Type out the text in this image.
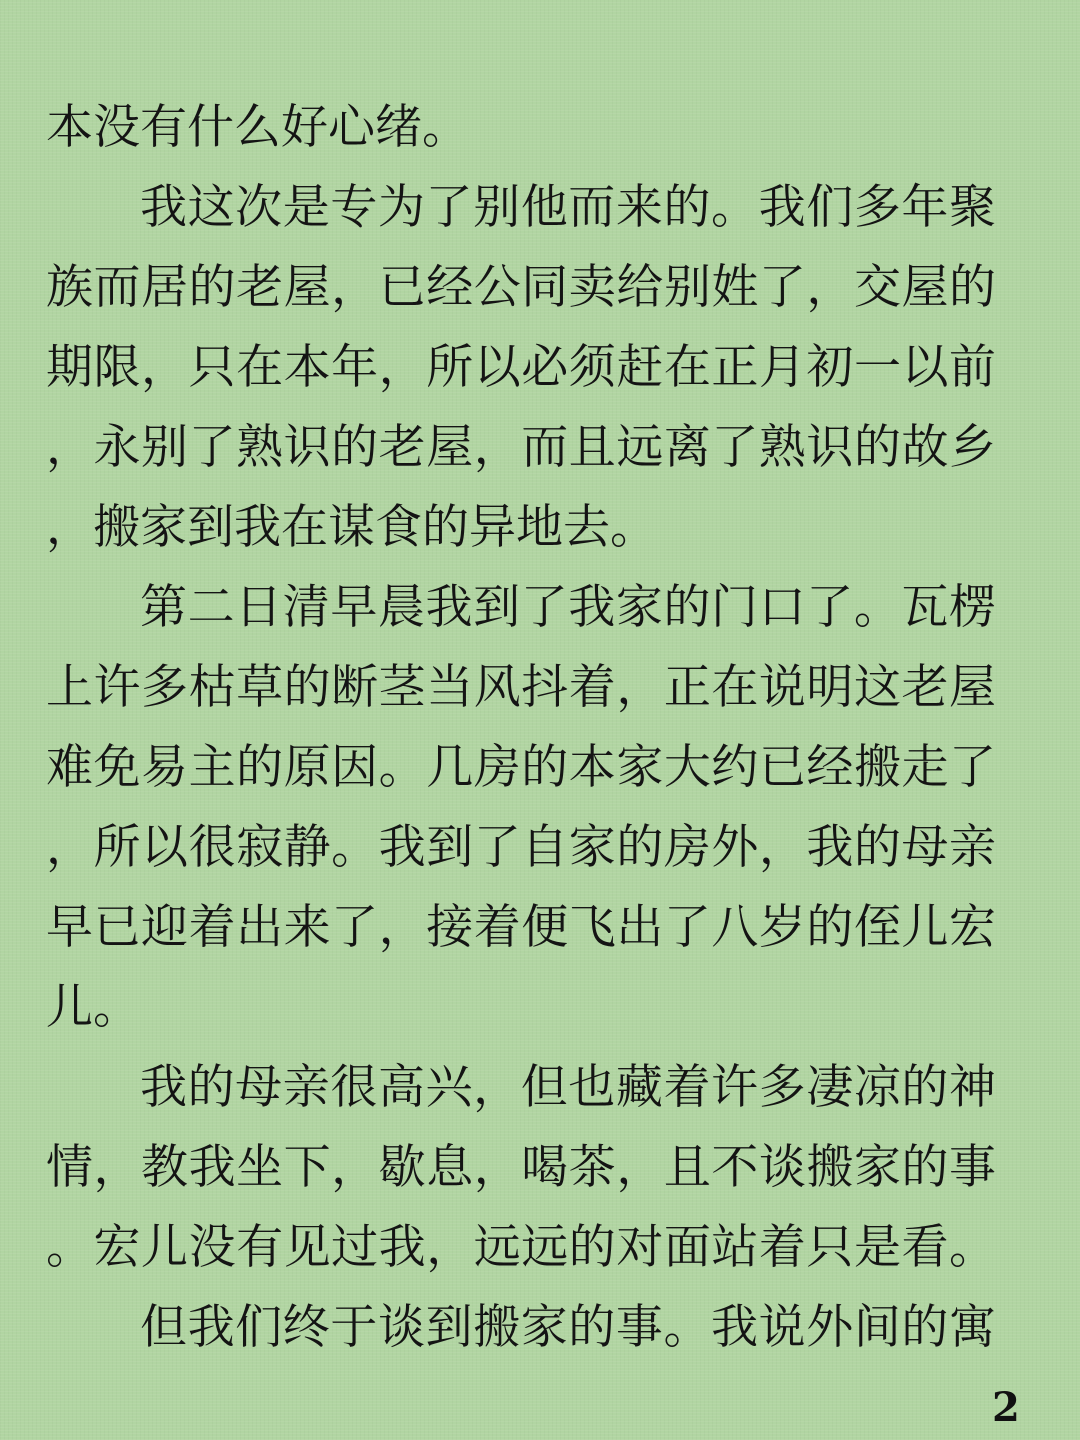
本没有什么好心绪。
我这次是专为了别他而来的。我们多年聚
族而居的老屋，已经公同卖给别姓了，交屋的
期限，只在本年，所以必须赶在正月初一以前
，永别了熟识的老屋，而且远离了熟识的故乡
，搬家到我在谋食的异地去。
第二日清早晨我到了我家的门口了。瓦楞
上许多枯草的断茎当风抖着，正在说明这老屋
难免易主的原因。几房的本家大约已经搬走了
，所以很寂静。我到了自家的房外，我的母亲
早已迎着出来了，接着便飞出了八岁的侄儿宏
儿。
我的母亲很高兴，但也藏着许多凄凉的神
情，教我坐下，歇息，喝茶，且不谈搬家的事
。宏儿没有见过我，远远的对面站着只是看。
但我们终于谈到搬家的事。我说外间的寓
2
